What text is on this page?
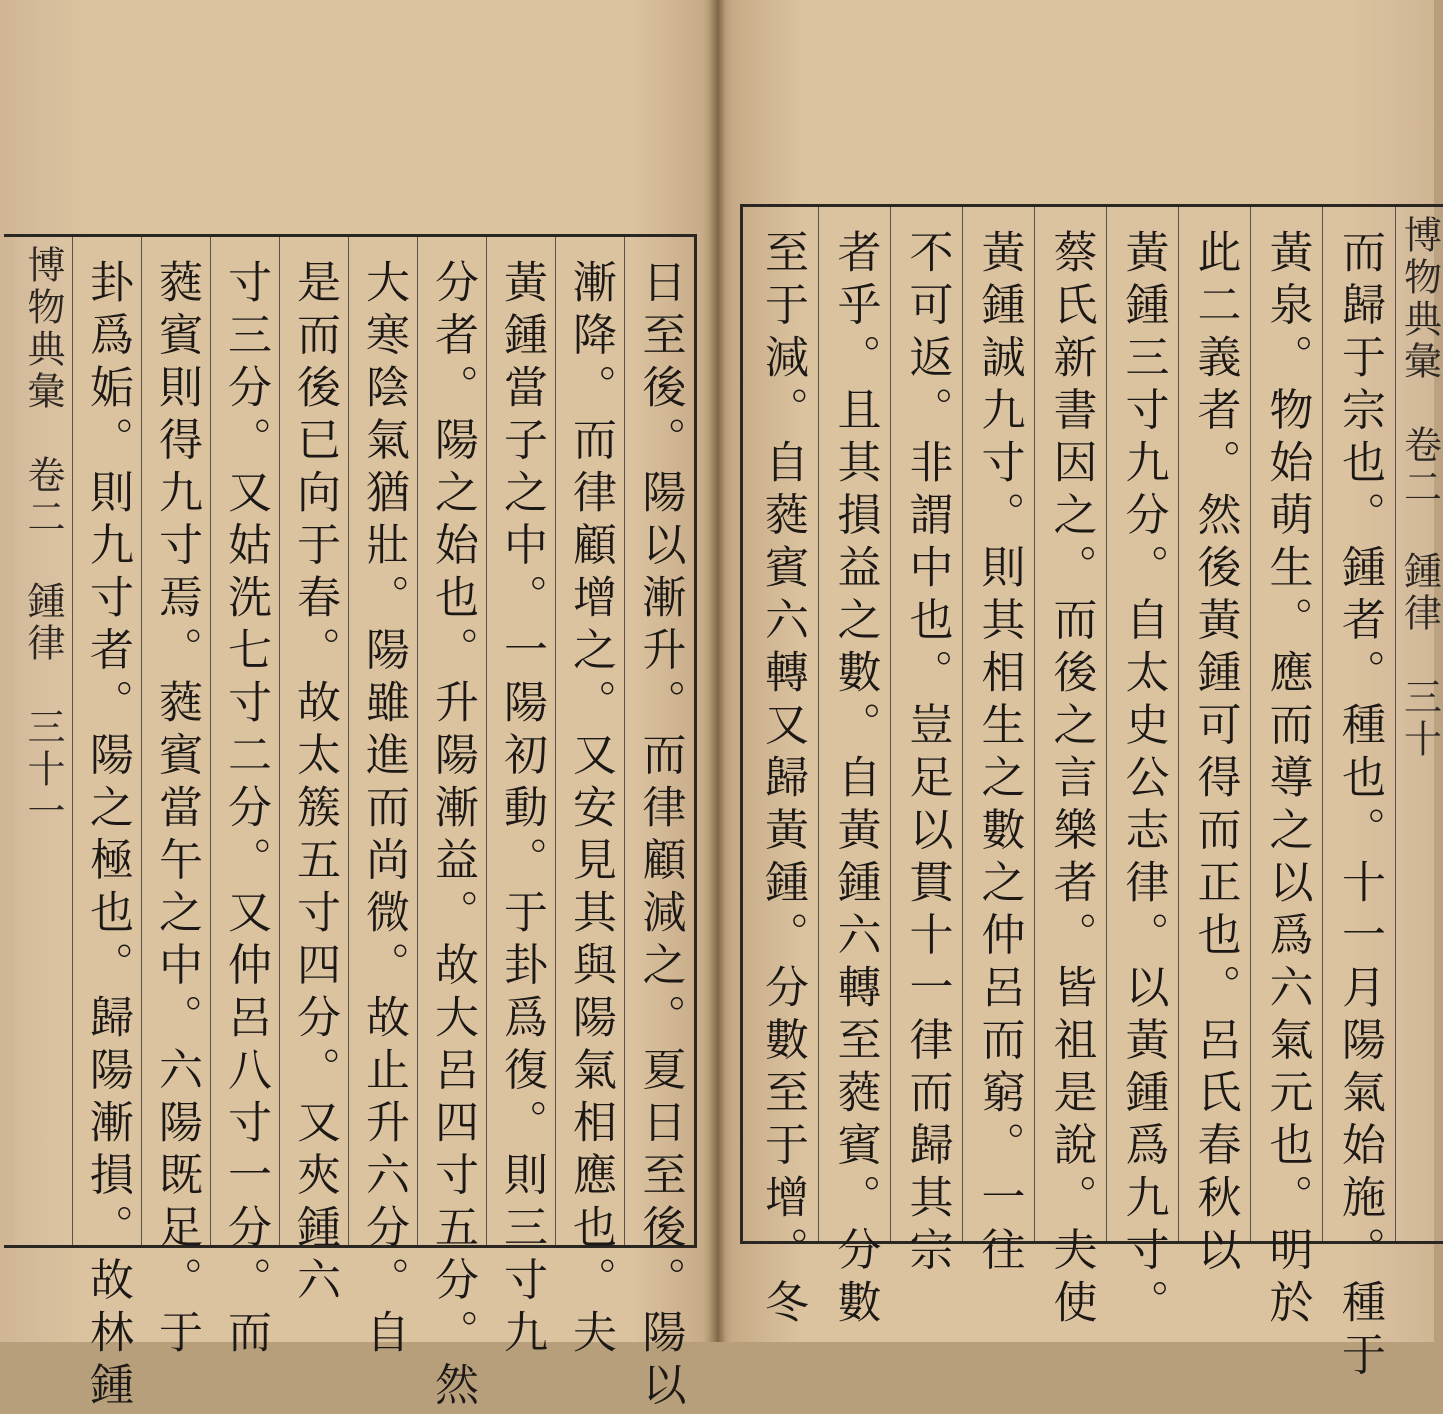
日至後。陽以漸升。而律顧減之。夏日至後。陽以
漸降。而律顧增之。又安見其與陽氣相應也。夫
黃鍾當子之中。一陽初動。于卦爲復。則三寸九
分者。陽之始也。升陽漸益。故大呂四寸五分。然
大寒陰氣猶壯。陽雖進而尚微。故止升六分。自
是而後已向于春。故太簇五寸四分。又夾鍾六
寸三分。又姑洗七寸二分。又仲呂八寸一分。而
蕤賓則得九寸焉。蕤賓當午之中。六陽既足。于
卦爲姤。則九寸者。陽之極也。歸陽漸損。故林鍾
博物典彙　卷二　鍾律　三十一	博物典彙　卷二　鍾律　三十
而歸于宗也。鍾者。種也。十一月陽氣始施。種于
黃泉。物始萌生。應而導之以爲六氣元也。明於
此二義者。然後黃鍾可得而正也。呂氏春秋以
黃鍾三寸九分。自太史公志律。以黃鍾爲九寸。
蔡氏新書因之。而後之言樂者。皆祖是說。夫使
黃鍾誠九寸。則其相生之數之仲呂而窮。一往
不可返。非謂中也。豈足以貫十一律而歸其宗
者乎。且其損益之數。自黃鍾六轉至蕤賓。分數
至于減。自蕤賓六轉又歸黃鍾。分數至于增。冬
